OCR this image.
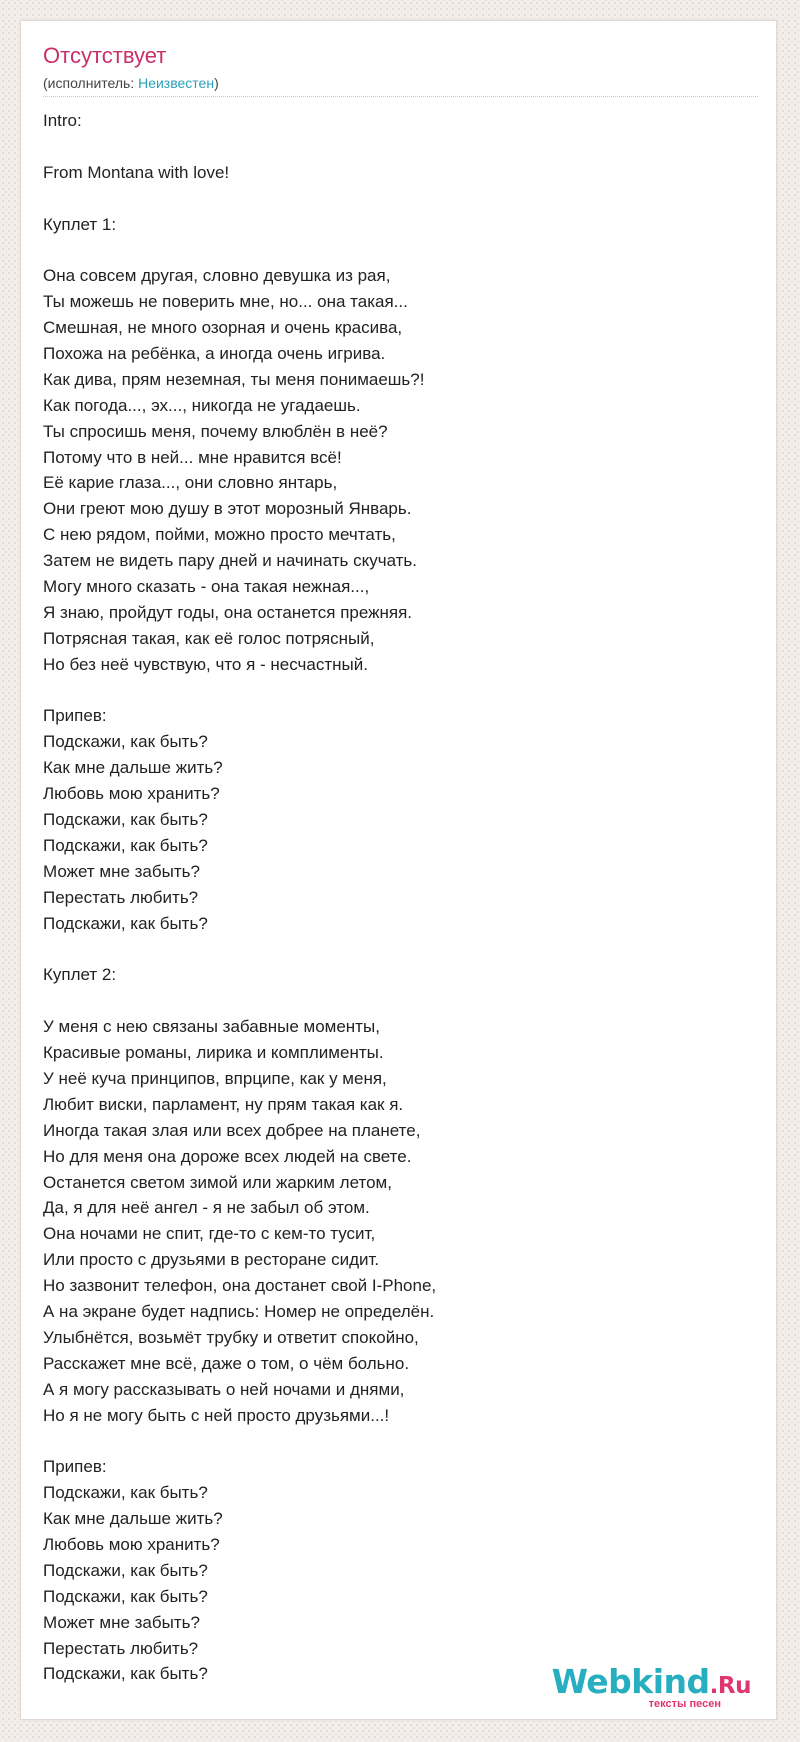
Отсутствует
(исполнитель: Неизвестен)
Intro:

From Montana with love!

Куплет 1:

Она совсем другая, словно девушка из рая,
Ты можешь не поверить мне, но... она такая...
Смешная, не много озорная и очень красива,
Похожа на ребёнка, а иногда очень игрива.
Как дива, прям неземная, ты меня понимаешь?!
Как погода..., эх..., никогда не угадаешь.
Ты спросишь меня, почему влюблён в неё?
Потому что в ней... мне нравится всё!
Её карие глаза..., они словно янтарь,
Они греют мою душу в этот морозный Январь.
С нею рядом, пойми, можно просто мечтать,
Затем не видеть пару дней и начинать скучать.
Могу много сказать - она такая нежная...,
Я знаю, пройдут годы, она останется прежняя.
Потрясная такая, как её голос потрясный,
Но без неё чувствую, что я - несчастный.

Припев:
Подскажи, как быть?
Как мне дальше жить?
Любовь мою хранить?
Подскажи, как быть?
Подскажи, как быть?
Может мне забыть?
Перестать любить?
Подскажи, как быть?

Куплет 2:

У меня с нею связаны забавные моменты,
Красивые романы, лирика и комплименты.
У неё куча принципов, впрципе, как у меня,
Любит виски, парламент, ну прям такая как я.
Иногда такая злая или всех добрее на планете,
Но для меня она дороже всех людей на свете.
Останется светом зимой или жарким летом,
Да, я для неё ангел - я не забыл об этом.
Она ночами не спит, где-то с кем-то тусит,
Или просто с друзьями в ресторане сидит.
Но зазвонит телефон, она достанет свой I-Phone,
А на экране будет надпись: Номер не определён.
Улыбнётся, возьмёт трубку и ответит спокойно,
Расскажет мне всё, даже о том, о чём больно.
А я могу рассказывать о ней ночами и днями,
Но я не могу быть с ней просто друзьями...!

Припев:
Подскажи, как быть?
Как мне дальше жить?
Любовь мою хранить?
Подскажи, как быть?
Подскажи, как быть?
Может мне забыть?
Перестать любить?
Подскажи, как быть?	Webkind.Ru
тексты песен
